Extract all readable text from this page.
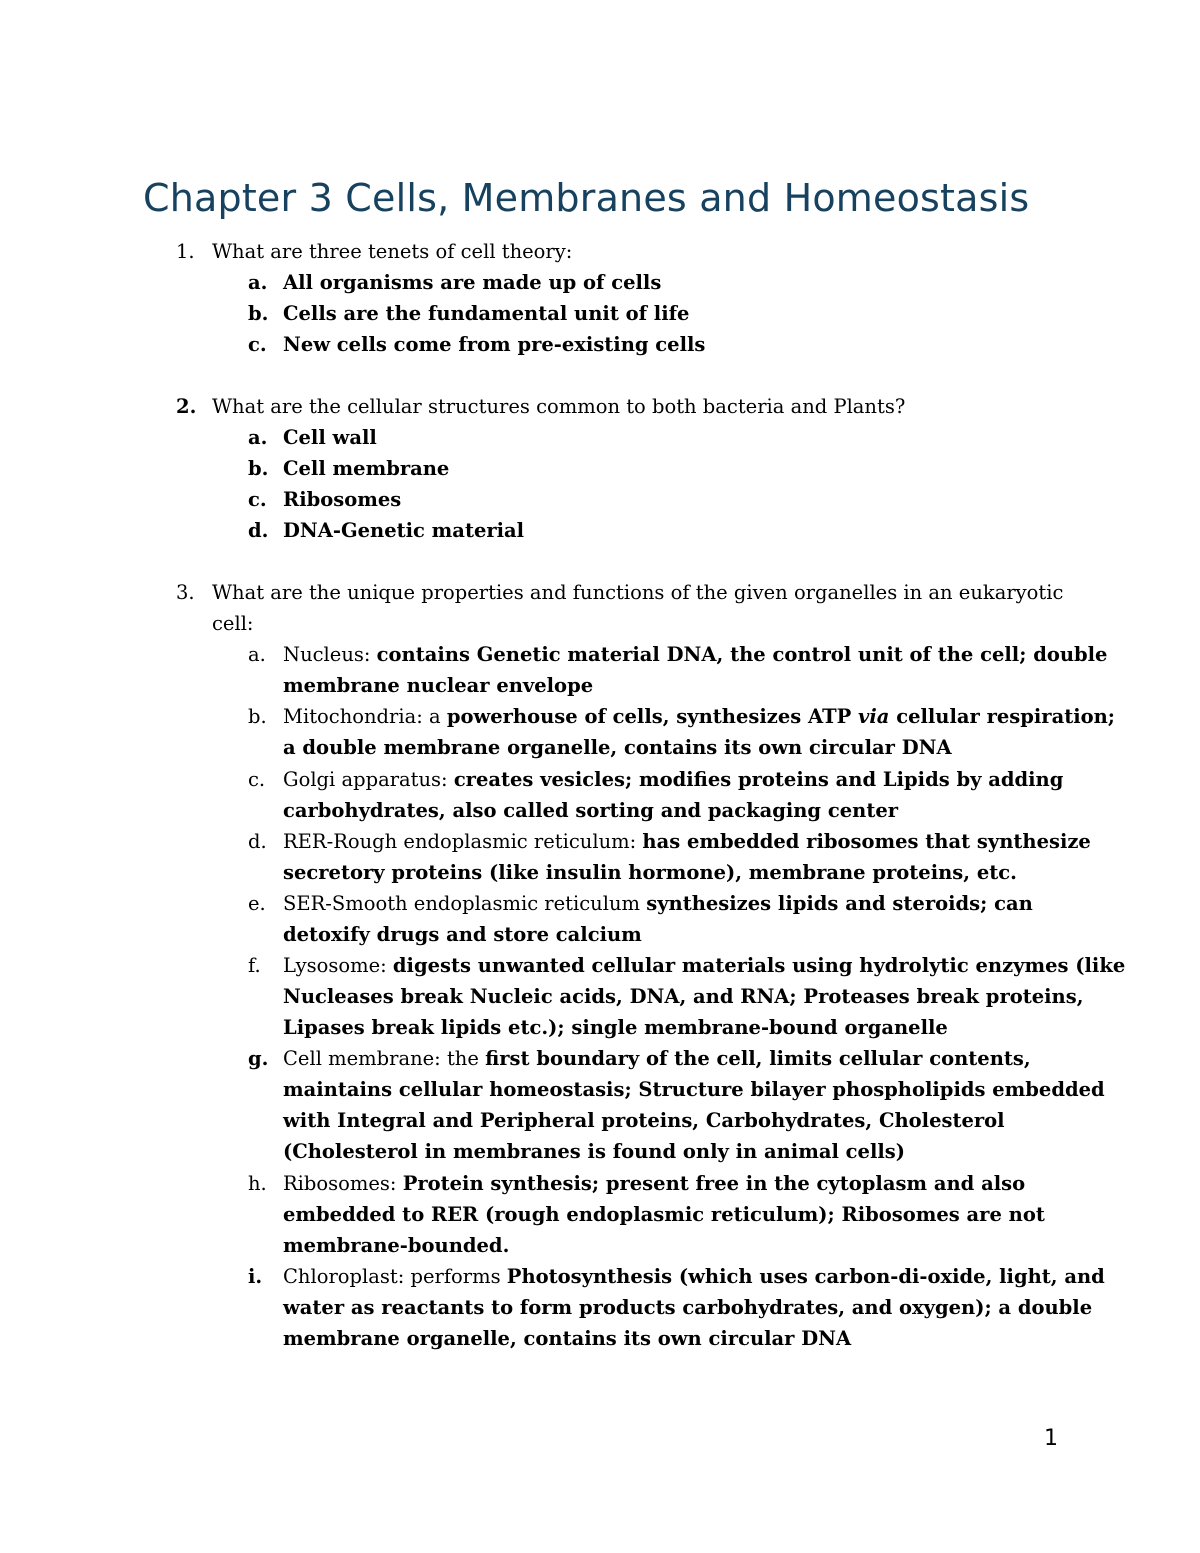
Chapter 3 Cells, Membranes and Homeostasis
1. What are three tenets of cell theory:
a. All organisms are made up of cells
b. Cells are the fundamental unit of life
c. New cells come from pre-existing cells
2. What are the cellular structures common to both bacteria and Plants?
a. Cell wall
b. Cell membrane
c. Ribosomes
d. DNA-Genetic material
3. What are the unique properties and functions of the given organelles in an eukaryotic
cell:
a. Nucleus: contains Genetic material DNA, the control unit of the cell; double
membrane nuclear envelope
b. Mitochondria: a powerhouse of cells, synthesizes ATP via cellular respiration;
a double membrane organelle, contains its own circular DNA
c. Golgi apparatus: creates vesicles; modifies proteins and Lipids by adding
carbohydrates, also called sorting and packaging center
d. RER-Rough endoplasmic reticulum: has embedded ribosomes that synthesize
secretory proteins (like insulin hormone), membrane proteins, etc.
e. SER-Smooth endoplasmic reticulum synthesizes lipids and steroids; can
detoxify drugs and store calcium
f. Lysosome: digests unwanted cellular materials using hydrolytic enzymes (like
Nucleases break Nucleic acids, DNA, and RNA; Proteases break proteins,
Lipases break lipids etc.); single membrane-bound organelle
g. Cell membrane: the first boundary of the cell, limits cellular contents,
maintains cellular homeostasis; Structure bilayer phospholipids embedded
with Integral and Peripheral proteins, Carbohydrates, Cholesterol
(Cholesterol in membranes is found only in animal cells)
h. Ribosomes: Protein synthesis; present free in the cytoplasm and also
embedded to RER (rough endoplasmic reticulum); Ribosomes are not
membrane-bounded.
i. Chloroplast: performs Photosynthesis (which uses carbon-di-oxide, light, and
water as reactants to form products carbohydrates, and oxygen); a double
membrane organelle, contains its own circular DNA
1
